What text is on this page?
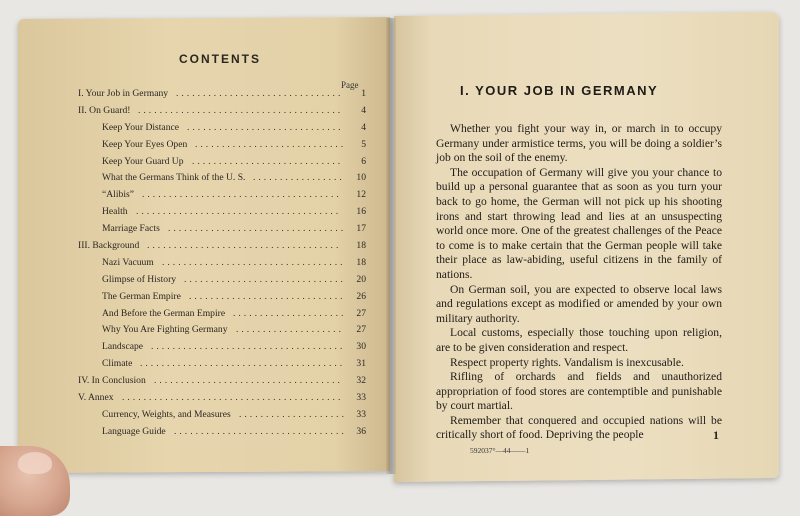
CONTENTS
Page
I. Your Job in Germany	1
...............................
II. On Guard!	4
......................................
Keep Your Distance	4
.............................
Keep Your Eyes Open	5
............................
Keep Your Guard Up	6
............................
What the Germans Think of the U. S.	10
.................
“Alibis”	12
.....................................
Health	16
......................................
Marriage Facts	17
.................................
III. Background	18
....................................
Nazi Vacuum	18
..................................
Glimpse of History	20
..............................
The German Empire	26
.............................
And Before the German Empire	27
.....................
Why You Are Fighting Germany	27
....................
Landscape	30
....................................
Climate	31
......................................
IV. In Conclusion	32
...................................
V. Annex	33
.........................................
Currency, Weights, and Measures	33
....................
Language Guide	36
................................
I. YOUR JOB IN GERMANY

Whether you fight your way in, or march in to occupy Germany under armistice terms, you will be doing a soldier’s job on the soil of the enemy.

The occupation of Germany will give you your chance to build up a personal guarantee that as soon as you turn your back to go home, the German will not pick up his shooting irons and start throwing lead and lies at an unsuspecting world once more. One of the greatest challenges of the Peace to come is to make certain that the German people will take their place as law-abiding, useful citizens in the family of nations.

On German soil, you are expected to observe local laws and regulations except as modified or amended by your own military authority.

Local customs, especially those touching upon religion, are to be given consideration and respect.

Respect property rights. Vandalism is inexcusable.

Rifling of orchards and fields and unauthorized appropriation of food stores are contemptible and punishable by court martial.

Remember that conquered and occupied nations will be critically short of food. Depriving the people	1
592037°—44——1
